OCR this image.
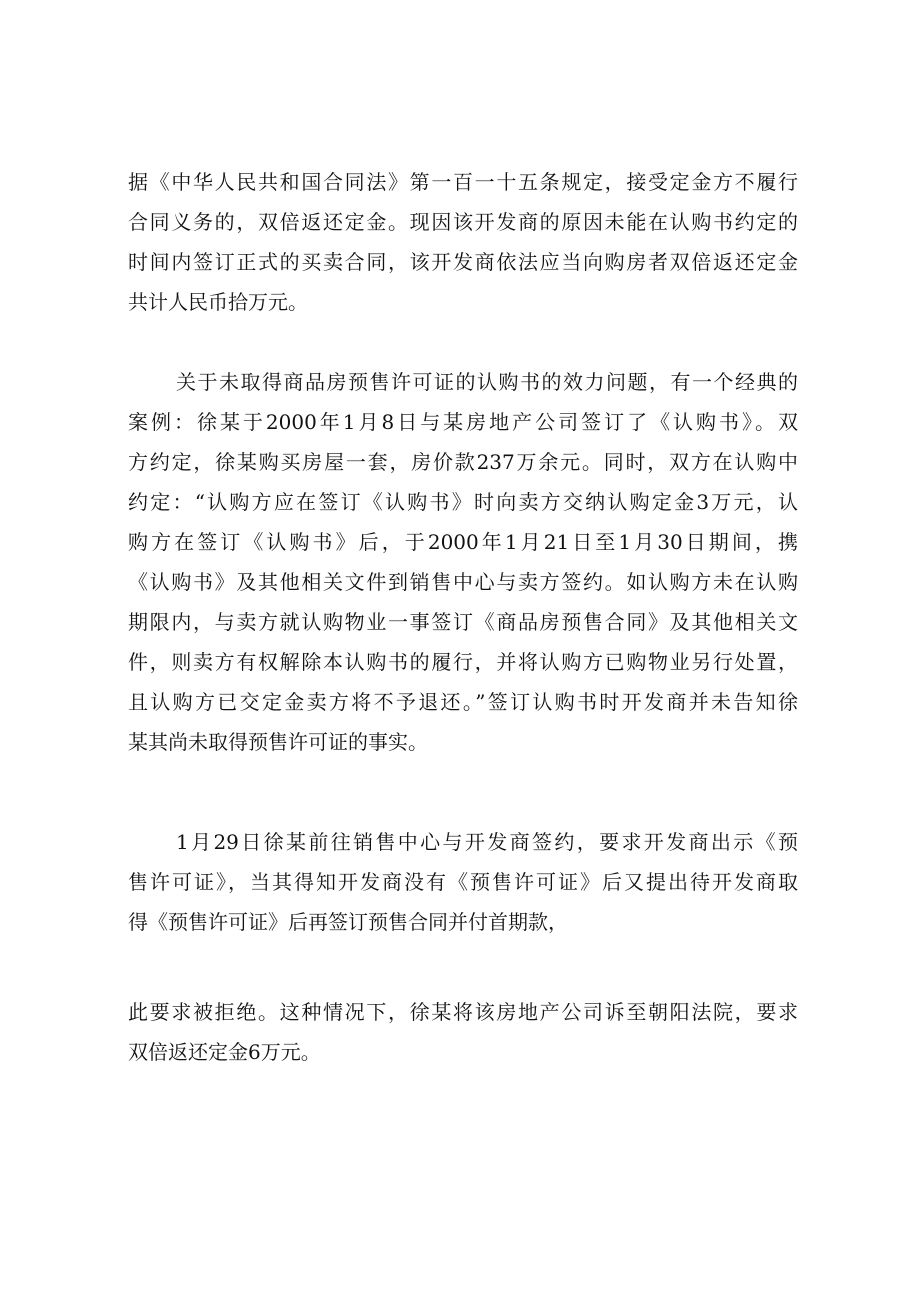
据《中华人民共和国合同法》第一百一十五条规定，接受定金方不履行
合同义务的，双倍返还定金。现因该开发商的原因未能在认购书约定的
时间内签订正式的买卖合同，该开发商依法应当向购房者双倍返还定金
共计人民币拾万元。

关于未取得商品房预售许可证的认购书的效力问题，有一个经典的
案例：徐某于2000年1月8日与某房地产公司签订了《认购书》。双
方约定，徐某购买房屋一套，房价款237万余元。同时，双方在认购中
约定：“认购方应在签订《认购书》时向卖方交纳认购定金3万元，认
购方在签订《认购书》后，于2000年1月21日至1月30日期间，携
《认购书》及其他相关文件到销售中心与卖方签约。如认购方未在认购
期限内，与卖方就认购物业一事签订《商品房预售合同》及其他相关文
件，则卖方有权解除本认购书的履行，并将认购方已购物业另行处置，
且认购方已交定金卖方将不予退还。”签订认购书时开发商并未告知徐
某其尚未取得预售许可证的事实。

1月29日徐某前往销售中心与开发商签约，要求开发商出示《预
售许可证》，当其得知开发商没有《预售许可证》后又提出待开发商取
得《预售许可证》后再签订预售合同并付首期款，

此要求被拒绝。这种情况下，徐某将该房地产公司诉至朝阳法院，要求
双倍返还定金6万元。
